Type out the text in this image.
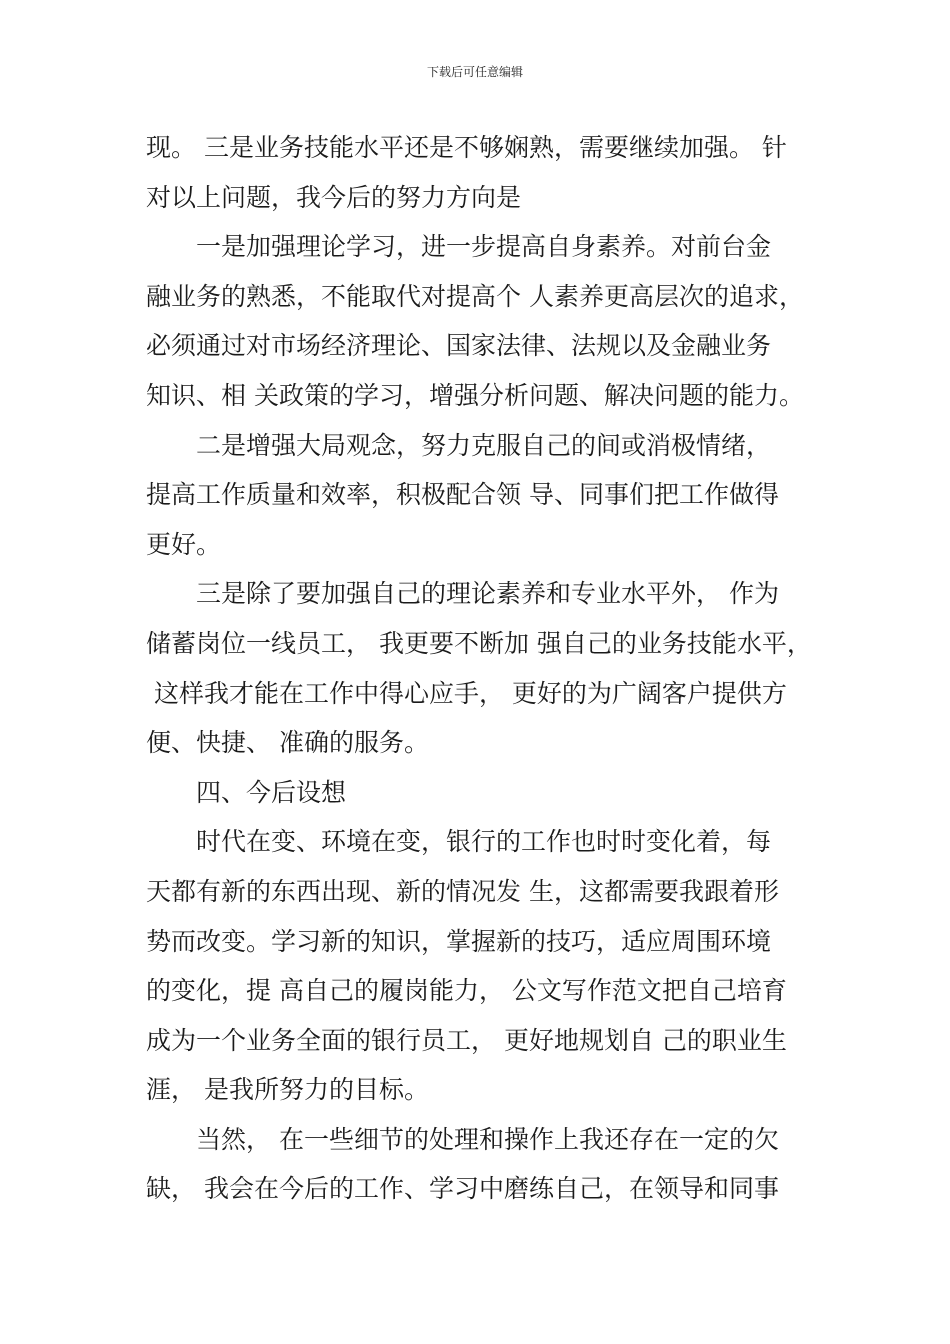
下载后可任意编辑

现。 三是业务技能水平还是不够娴熟，需要继续加强。 针

对以上问题，我今后的努力方向是

一是加强理论学习，进一步提高自身素养。对前台金

融业务的熟悉，不能取代对提高个 人素养更高层次的追求，

必须通过对市场经济理论、国家法律、法规以及金融业务

知识、相 关政策的学习，增强分析问题、解决问题的能力。

二是增强大局观念，努力克服自己的间或消极情绪，

提高工作质量和效率，积极配合领 导、同事们把工作做得

更好。

三是除了要加强自己的理论素养和专业水平外， 作为

储蓄岗位一线员工， 我更要不断加 强自己的业务技能水平，

这样我才能在工作中得心应手， 更好的为广阔客户提供方

便、快捷、 准确的服务。

四、今后设想

时代在变、环境在变，银行的工作也时时变化着，每

天都有新的东西出现、新的情况发 生，这都需要我跟着形

势而改变。学习新的知识，掌握新的技巧，适应周围环境

的变化，提 高自己的履岗能力， 公文写作范文把自己培育

成为一个业务全面的银行员工， 更好地规划自 己的职业生

涯， 是我所努力的目标。

当然， 在一些细节的处理和操作上我还存在一定的欠

缺， 我会在今后的工作、学习中磨练自己，在领导和同事
